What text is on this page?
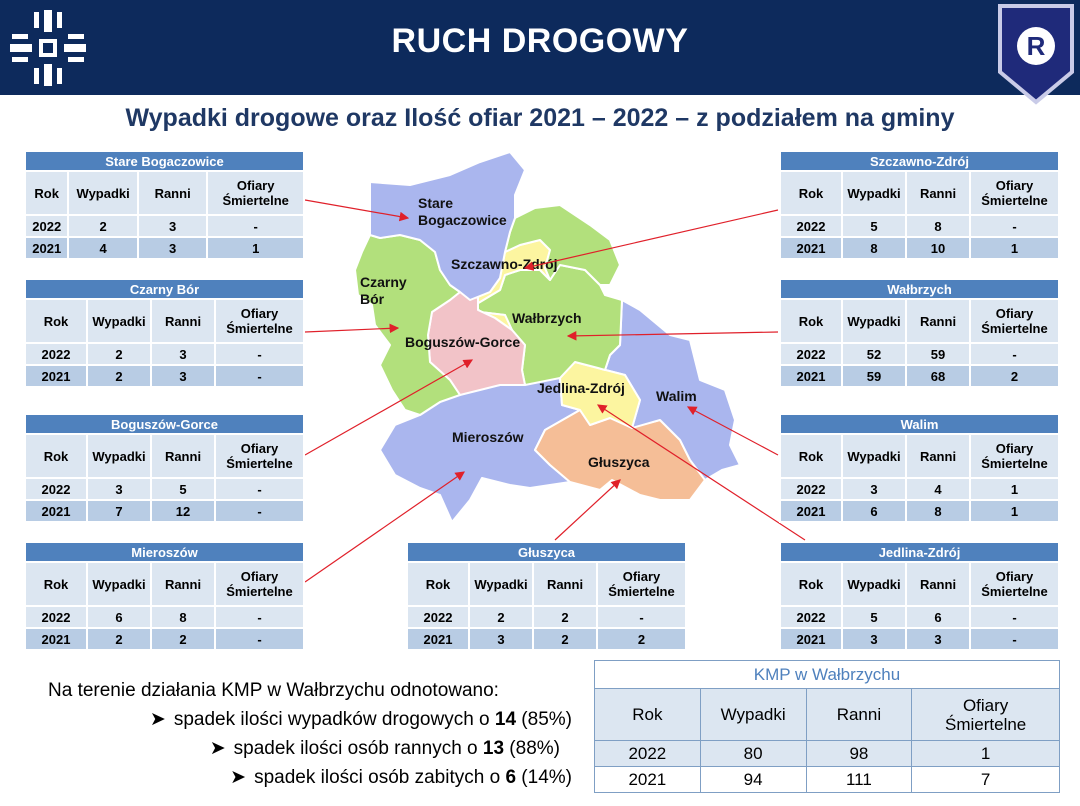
RUCH DROGOWY	R
Wypadki drogowe oraz Ilość ofiar 2021 – 2022 – z podziałem na gminy
Stare
Bogaczowice
Szczawno-Zdrój
Czarny
Bór
Wałbrzych
Boguszów-Gorce
Jedlina-Zdrój Walim
Mieroszów
Głuszyca
Stare Bogaczowice			
Rok	Wypadki	Ranni	Ofiary
Śmiertelne
2022	2	3	-
2021	4	3	1
Czarny Bór			
Rok	Wypadki	Ranni	Ofiary
Śmiertelne
2022	2	3	-
2021	2	3	-
Boguszów-Gorce			
Rok	Wypadki	Ranni	Ofiary
Śmiertelne
2022	3	5	-
2021	7	12	-
Mieroszów			
Rok	Wypadki	Ranni	Ofiary
Śmiertelne
2022	6	8	-
2021	2	2	-
Głuszyca			
Rok	Wypadki	Ranni	Ofiary
Śmiertelne
2022	2	2	-
2021	3	2	2
Szczawno-Zdrój			
Rok	Wypadki	Ranni	Ofiary
Śmiertelne
2022	5	8	-
2021	8	10	1
Wałbrzych			
Rok	Wypadki	Ranni	Ofiary
Śmiertelne
2022	52	59	-
2021	59	68	2
Walim			
Rok	Wypadki	Ranni	Ofiary
Śmiertelne
2022	3	4	1
2021	6	8	1
Jedlina-Zdrój			
Rok	Wypadki	Ranni	Ofiary
Śmiertelne
2022	5	6	-
2021	3	3	-
Na terenie działania KMP w Wałbrzychu odnotowano:
➤ spadek ilości wypadków drogowych o 14 (85%)
➤ spadek ilości osób rannych o 13 (88%)
➤ spadek ilości osób zabitych o 6 (14%)
KMP w Wałbrzychu			
Rok	Wypadki	Ranni	Ofiary
Śmiertelne
2022	80	98	1
2021	94	111	7
